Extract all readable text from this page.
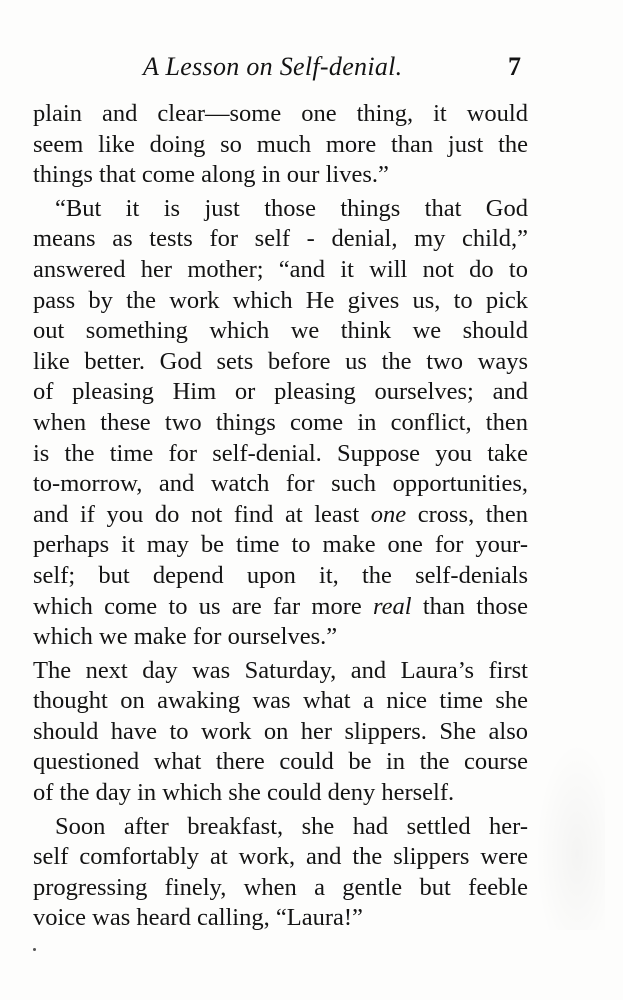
A Lesson on Self-denial.	7
plain and clear—some one thing, it would
seem like doing so much more than just the
things that come along in our lives.”
“But it is just those things that God
means as tests for self - denial, my child,”
answered her mother; “and it will not do to
pass by the work which He gives us, to pick
out something which we think we should
like better. God sets before us the two ways
of pleasing Him or pleasing ourselves; and
when these two things come in conflict, then
is the time for self-denial. Suppose you take
to-morrow, and watch for such opportunities,
and if you do not find at least one cross, then
perhaps it may be time to make one for your-
self; but depend upon it, the self-denials
which come to us are far more real than those
which we make for ourselves.”
The next day was Saturday, and Laura’s first
thought on awaking was what a nice time she
should have to work on her slippers. She also
questioned what there could be in the course
of the day in which she could deny herself.
Soon after breakfast, she had settled her-
self comfortably at work, and the slippers were
progressing finely, when a gentle but feeble
voice was heard calling, “Laura!”
